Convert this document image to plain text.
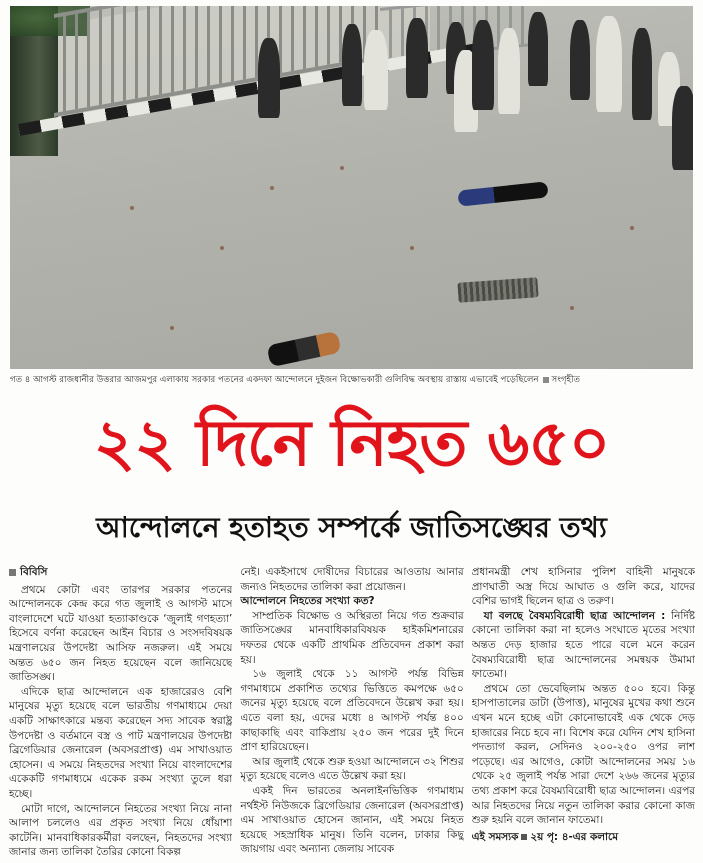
গত ৪ আগস্ট রাজধানীর উত্তরার আজমপুর এলাকায় সরকার পতনের একদফা আন্দোলনে দুইজন বিক্ষোভকারী গুলিবিদ্ধ অবস্থায় রাস্তায় এভাবেই পড়েছিলেন সংগৃহীত
২২ দিনে নিহত ৬৫০
আন্দোলনে হতাহত সম্পর্কে জাতিসঙ্ঘের তথ্য
বিবিসি

প্রথমে কোটা এবং তারপর সরকার পতনের আন্দোলনকে কেন্দ্র করে গত জুলাই ও আগস্ট মাসে বাংলাদেশে ঘটে যাওয়া হত্যাকাণ্ডকে ‘জুলাই গণহত্যা’ হিসেবে বর্ণনা করেছেন আইন বিচার ও সংসদবিষয়ক মন্ত্রণালয়ের উপদেষ্টা আসিফ নজরুল। এই সময়ে অন্তত ৬৫০ জন নিহত হয়েছেন বলে জানিয়েছে জাতিসঙ্ঘ।

এদিকে ছাত্র আন্দোলনে এক হাজারেরও বেশি মানুষের মৃত্যু হয়েছে বলে ভারতীয় গণমাধ্যমে দেয়া একটি সাক্ষাৎকারে মন্তব্য করেছেন সদ্য সাবেক স্বরাষ্ট্র উপদেষ্টা ও বর্তমানে বস্ত্র ও পাট মন্ত্রণালয়ের উপদেষ্টা ব্রিগেডিয়ার জেনারেল (অবসরপ্রাপ্ত) এম সাখাওয়াত হোসেন। এ সময়ে নিহতদের সংখ্যা নিয়ে বাংলাদেশের একেকটি গণমাধ্যমে একেক রকম সংখ্যা তুলে ধরা হচ্ছে।

মোটা দাগে, আন্দোলনে নিহতের সংখ্যা নিয়ে নানা আলাপ চললেও এর প্রকৃত সংখ্যা নিয়ে ধোঁয়াশা কাটেনি। মানবাধিকারকর্মীরা বলছেন, নিহতদের সংখ্যা জানার জন্য তালিকা তৈরির কোনো বিকল্প

নেই। একইসাথে দোষীদের বিচারের আওতায় আনার জন্যও নিহতদের তালিকা করা প্রয়োজন।

আন্দোলনে নিহতের সংখ্যা কত?

সাম্প্রতিক বিক্ষোভ ও অস্থিরতা নিয়ে গত শুক্রবার জাতিসঙ্ঘের মানবাধিকারবিষয়ক হাইকমিশনারের দফতর থেকে একটি প্রাথমিক প্রতিবেদন প্রকাশ করা হয়।

১৬ জুলাই থেকে ১১ আগস্ট পর্যন্ত বিভিন্ন গণমাধ্যমে প্রকাশিত তথ্যের ভিত্তিতে কমপক্ষে ৬৫০ জনের মৃত্যু হয়েছে বলে প্রতিবেদনে উল্লেখ করা হয়। এতে বলা হয়, এদের মধ্যে ৪ আগস্ট পর্যন্ত ৪০০ কাছাকাছি এবং বাকিপ্রায় ২৫০ জন পরের দুই দিনে প্রাণ হারিয়েছেন।

আর জুলাই থেকে শুরু হওয়া আন্দোলনে ৩২ শিশুর মৃত্যু হয়েছে বলেও এতে উল্লেখ করা হয়।

একই দিন ভারতের অনলাইনভিত্তিক গণমাধ্যম নর্থইস্ট নিউজকে ব্রিগেডিয়ার জেনারেল (অবসরপ্রাপ্ত) এম সাখাওয়াত হোসেন জানান, এই সময়ে নিহত হয়েছে সহস্রাধিক মানুষ। তিনি বলেন, ঢাকার কিছু জায়গায় এবং অন্যান্য জেলায় সাবেক

প্রধানমন্ত্রী শেখ হাসিনার পুলিশ বাহিনী মানুষকে প্রাণঘাতী অস্ত্র দিয়ে আঘাত ও গুলি করে, যাদের বেশির ভাগই ছিলেন ছাত্র ও তরুণ।

যা বলছে বৈষম্যবিরোধী ছাত্র আন্দোলন : নির্দিষ্ট কোনো তালিকা করা না হলেও সংঘাতে মৃতের সংখ্যা অন্তত দেড় হাজার হতে পারে বলে মনে করেন বৈষম্যবিরোধী ছাত্র আন্দোলনের সমন্বয়ক উমামা ফাতেমা।

প্রথমে তো ভেবেছিলাম অন্তত ৫০০ হবে। কিন্তু হাসপাতালের ডাটা (উপাত্ত), মানুষের মুখের কথা শুনে এখন মনে হচ্ছে এটা কোনোভাবেই এক থেকে দেড় হাজারের নিচে হবে না। বিশেষ করে যেদিন শেখ হাসিনা পদত্যাগ করল, সেদিনও ২০০-২৫০ ওপর লাশ পড়েছে। এর আগেও, কোটা আন্দোলনের সময় ১৬ থেকে ২৫ জুলাই পর্যন্ত সারা দেশে ২৬৬ জনের মৃত্যুর তথ্য প্রকাশ করে বৈষম্যবিরোধী ছাত্র আন্দোলন। এরপর আর নিহতদের নিয়ে নতুন তালিকা করার কোনো কাজ শুরু হয়নি বলে জানান ফাতেমা।

এই সমস্যক ২য় পৃ: ৪-এর কলামে
